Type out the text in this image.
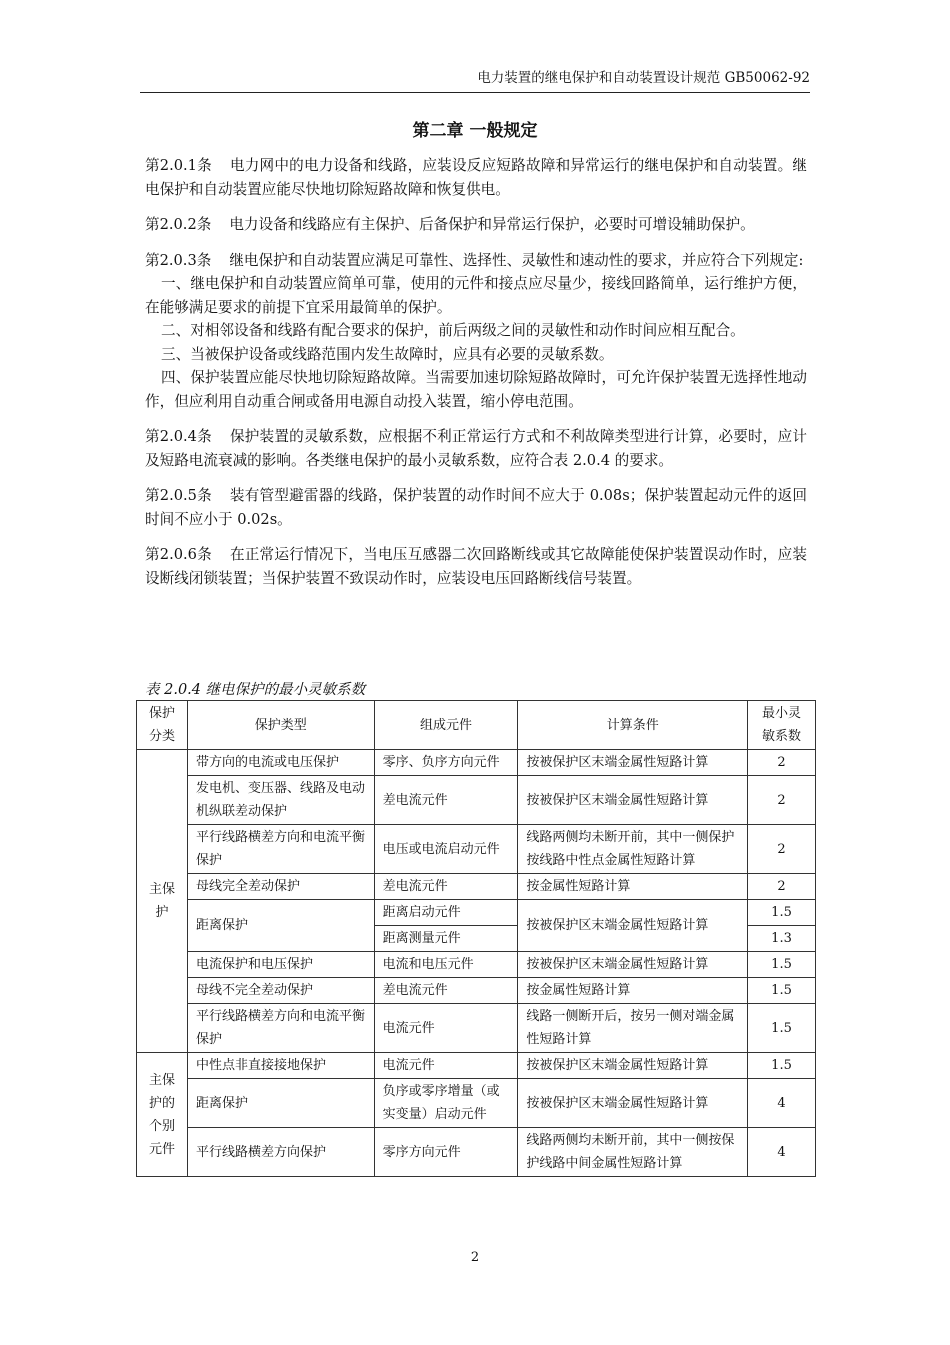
电力装置的继电保护和自动装置设计规范 GB50062-92
第二章 一般规定

第2.0.1条 电力网中的电力设备和线路，应装设反应短路故障和异常运行的继电保护和自动装置。继电保护和自动装置应能尽快地切除短路故障和恢复供电。

第2.0.2条 电力设备和线路应有主保护、后备保护和异常运行保护，必要时可增设辅助保护。

第2.0.3条 继电保护和自动装置应满足可靠性、选择性、灵敏性和速动性的要求，并应符合下列规定:

一、继电保护和自动装置应简单可靠，使用的元件和接点应尽量少，接线回路简单，运行维护方便，在能够满足要求的前提下宜采用最简单的保护。

二、对相邻设备和线路有配合要求的保护，前后两级之间的灵敏性和动作时间应相互配合。

三、当被保护设备或线路范围内发生故障时，应具有必要的灵敏系数。

四、保护装置应能尽快地切除短路故障。当需要加速切除短路故障时，可允许保护装置无选择性地动作，但应利用自动重合闸或备用电源自动投入装置，缩小停电范围。

第2.0.4条 保护装置的灵敏系数，应根据不利正常运行方式和不利故障类型进行计算，必要时，应计及短路电流衰减的影响。各类继电保护的最小灵敏系数，应符合表 2.0.4 的要求。

第2.0.5条 装有管型避雷器的线路，保护装置的动作时间不应大于 0.08s；保护装置起动元件的返回时间不应小于 0.02s。

第2.0.6条 在正常运行情况下，当电压互感器二次回路断线或其它故障能使保护装置误动作时，应装设断线闭锁装置；当保护装置不致误动作时，应装设电压回路断线信号装置。

表 2.0.4 继电保护的最小灵敏系数
保护分类	保护类型	组成元件	计算条件	最小灵敏系数
主保护	带方向的电流或电压保护	零序、负序方向元件	按被保护区末端金属性短路计算	2
	发电机、变压器、线路及电动机纵联差动保护	差电流元件	按被保护区末端金属性短路计算	2
	平行线路横差方向和电流平衡保护	电压或电流启动元件	线路两侧均未断开前，其中一侧保护按线路中性点金属性短路计算	2
	母线完全差动保护	差电流元件	按金属性短路计算	2
	距离保护	距离启动元件	按被保护区末端金属性短路计算	1.5
		距离测量元件		1.3
	电流保护和电压保护	电流和电压元件	按被保护区末端金属性短路计算	1.5
	母线不完全差动保护	差电流元件	按金属性短路计算	1.5
	平行线路横差方向和电流平衡保护	电流元件	线路一侧断开后，按另一侧对端金属性短路计算	1.5
主保护的个别元件	中性点非直接接地保护	电流元件	按被保护区末端金属性短路计算	1.5
	距离保护	负序或零序增量（或实变量）启动元件	按被保护区末端金属性短路计算	4
	平行线路横差方向保护	零序方向元件	线路两侧均未断开前，其中一侧按保护线路中间金属性短路计算	4
2
